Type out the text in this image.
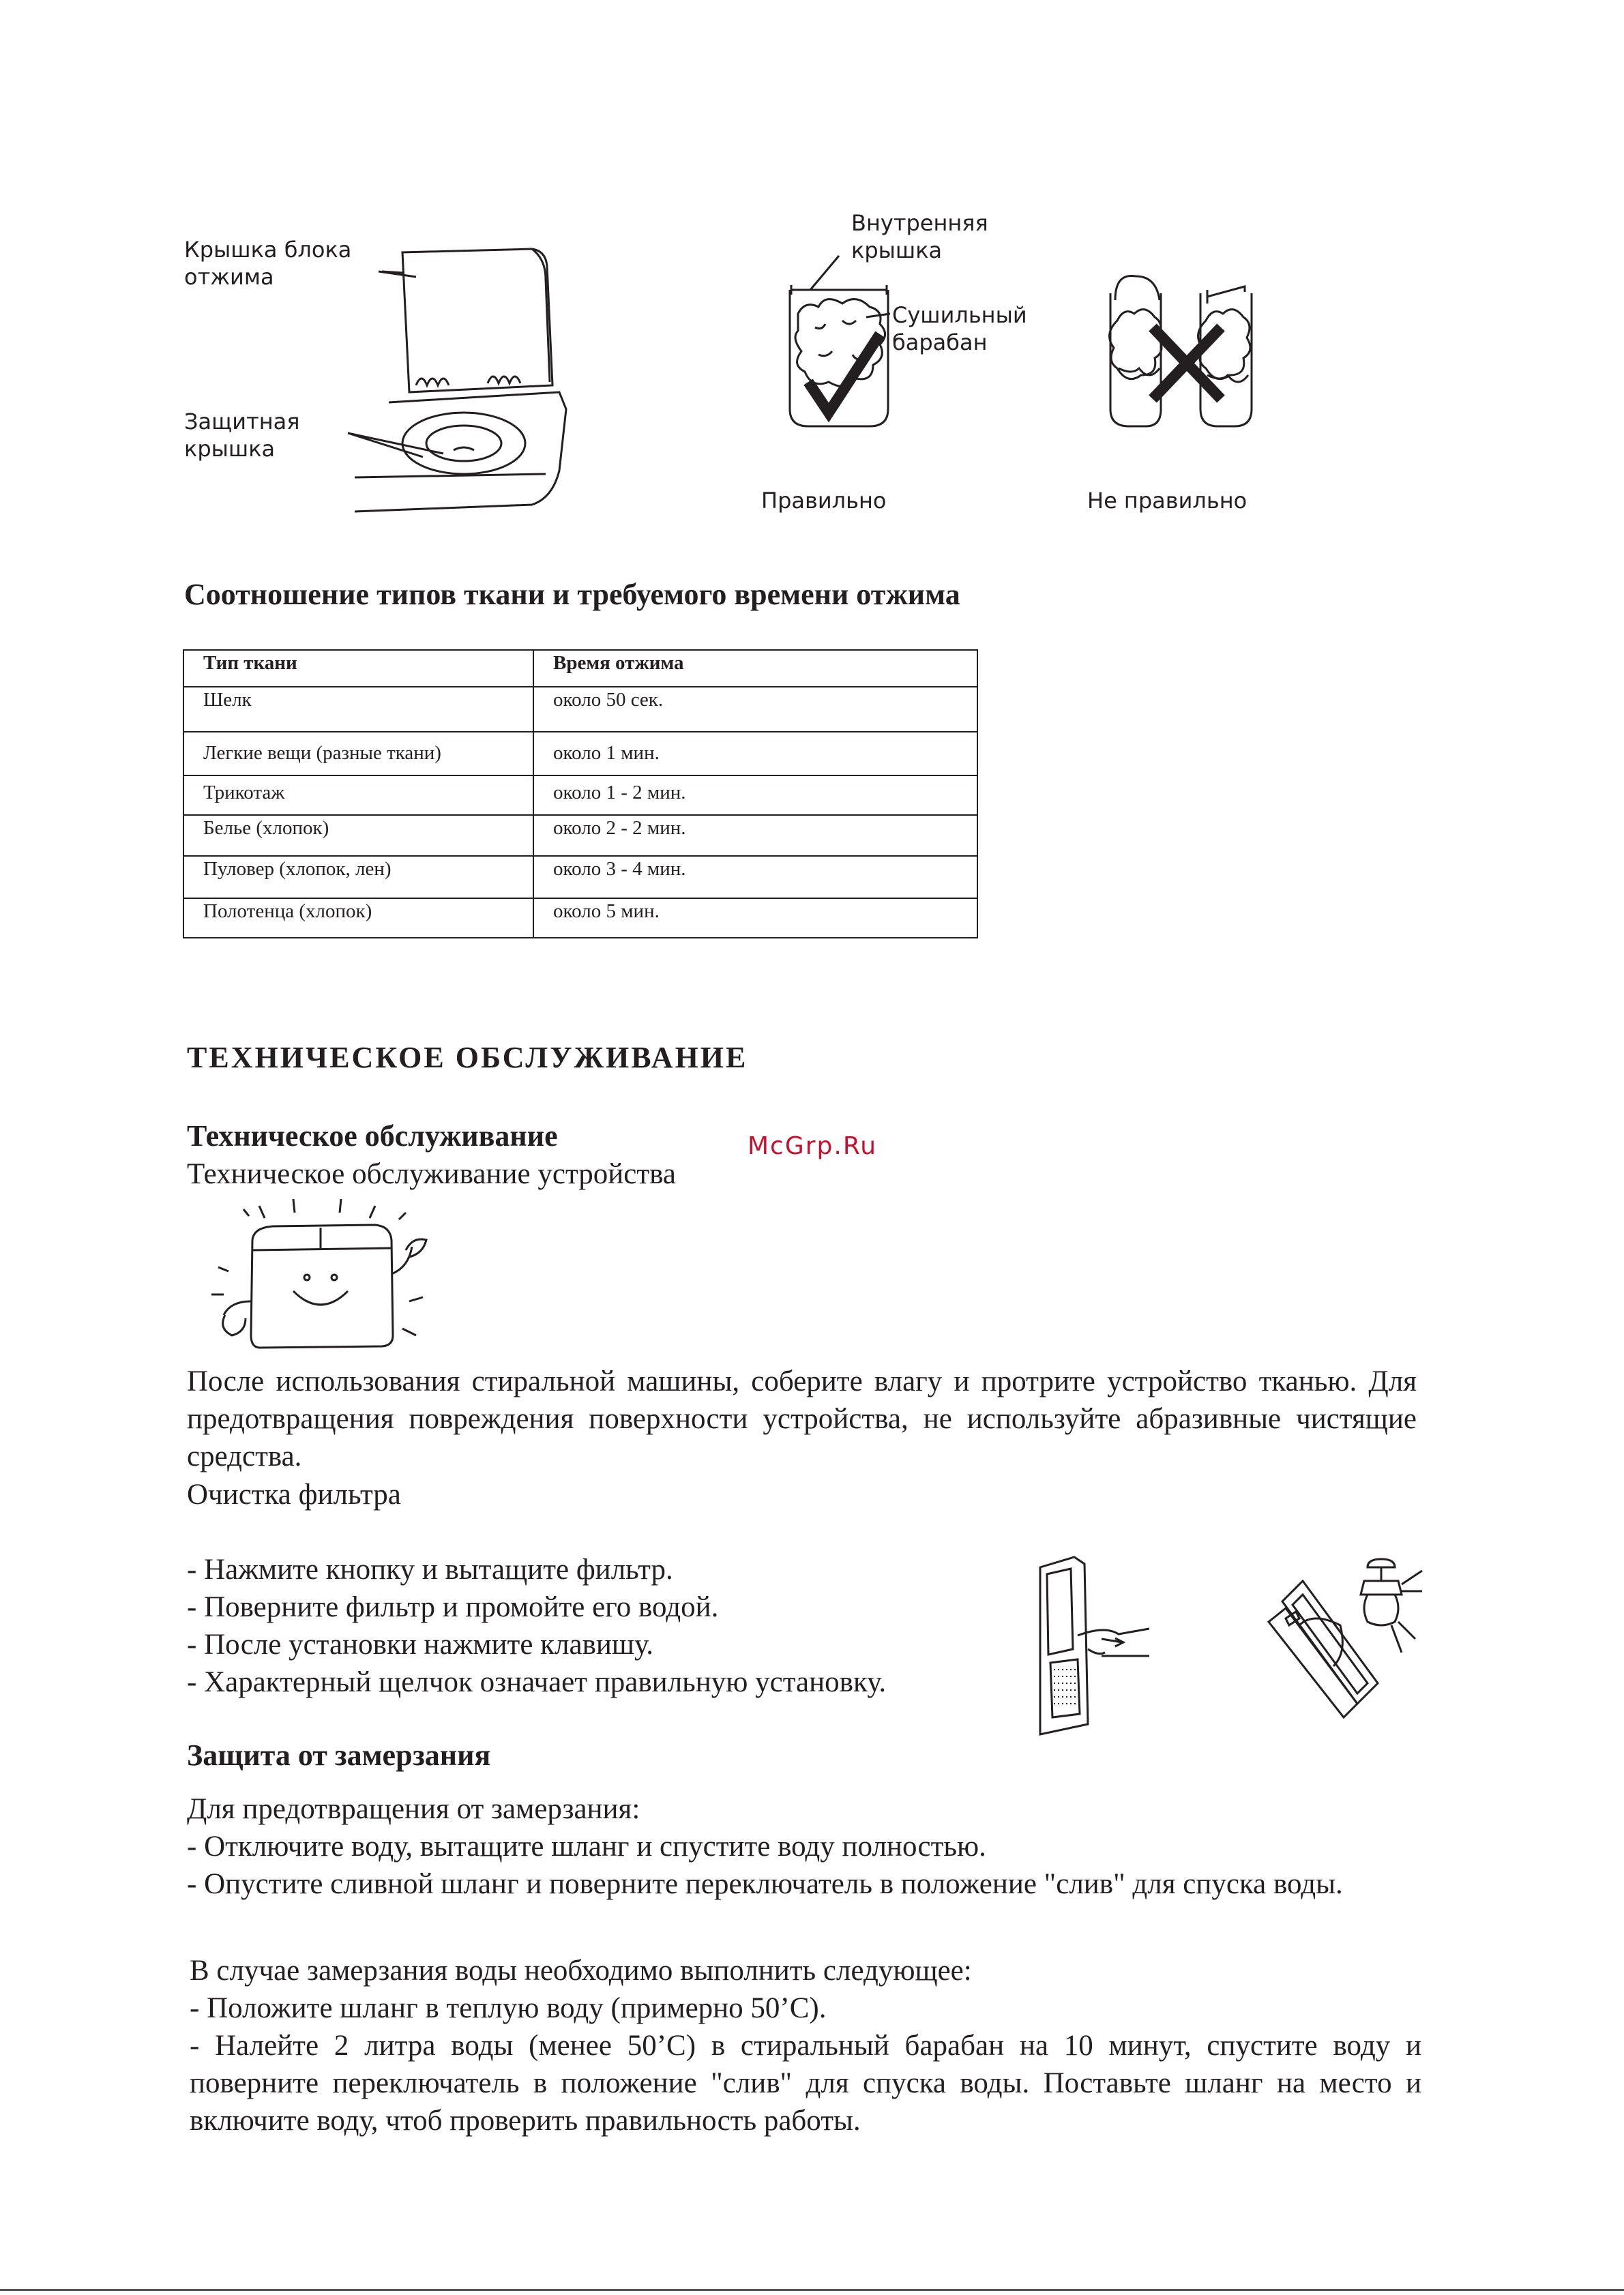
Крышка блока
отжима
Защитная
крышка
Внутренняя
крышка
Сушильный
барабан
Правильно	Не правильно
Соотношение типов ткани и требуемого времени отжима
Тип ткани	Время отжима
Шелк	около 50 сек.
Легкие вещи (разные ткани)	около 1 мин.
Трикотаж	около 1 - 2 мин.
Белье (хлопок)	около 2 - 2 мин.
Пуловер (хлопок, лен)	около 3 - 4 мин.
Полотенца (хлопок)	около 5 мин.
ТЕХНИЧЕСКОЕ ОБСЛУЖИВАНИЕ
Техническое обслуживание
Техническое обслуживание устройства
McGrp.Ru
После использования стиральной машины, соберите влагу и протрите устройство тканью. Для предотвращения повреждения поверхности устройства, не используйте абразивные чистящие средства.
Очистка фильтра
- Нажмите кнопку и вытащите фильтр.
- Поверните фильтр и промойте его водой.
- После установки нажмите клавишу.
- Характерный щелчок означает правильную установку.
Защита от замерзания
Для предотвращения от замерзания:
- Отключите воду, вытащите шланг и спустите воду полностью.
- Опустите сливной шланг и поверните переключатель в положение "слив" для спуска воды.
В случае замерзания воды необходимо выполнить следующее:
- Положите шланг в теплую воду (примерно 50’C).
- Налейте 2 литра воды (менее 50’C) в стиральный барабан на 10 минут, спустите воду и поверните переключатель в положение "слив" для спуска воды. Поставьте шланг на место и включите воду, чтоб проверить правильность работы.
